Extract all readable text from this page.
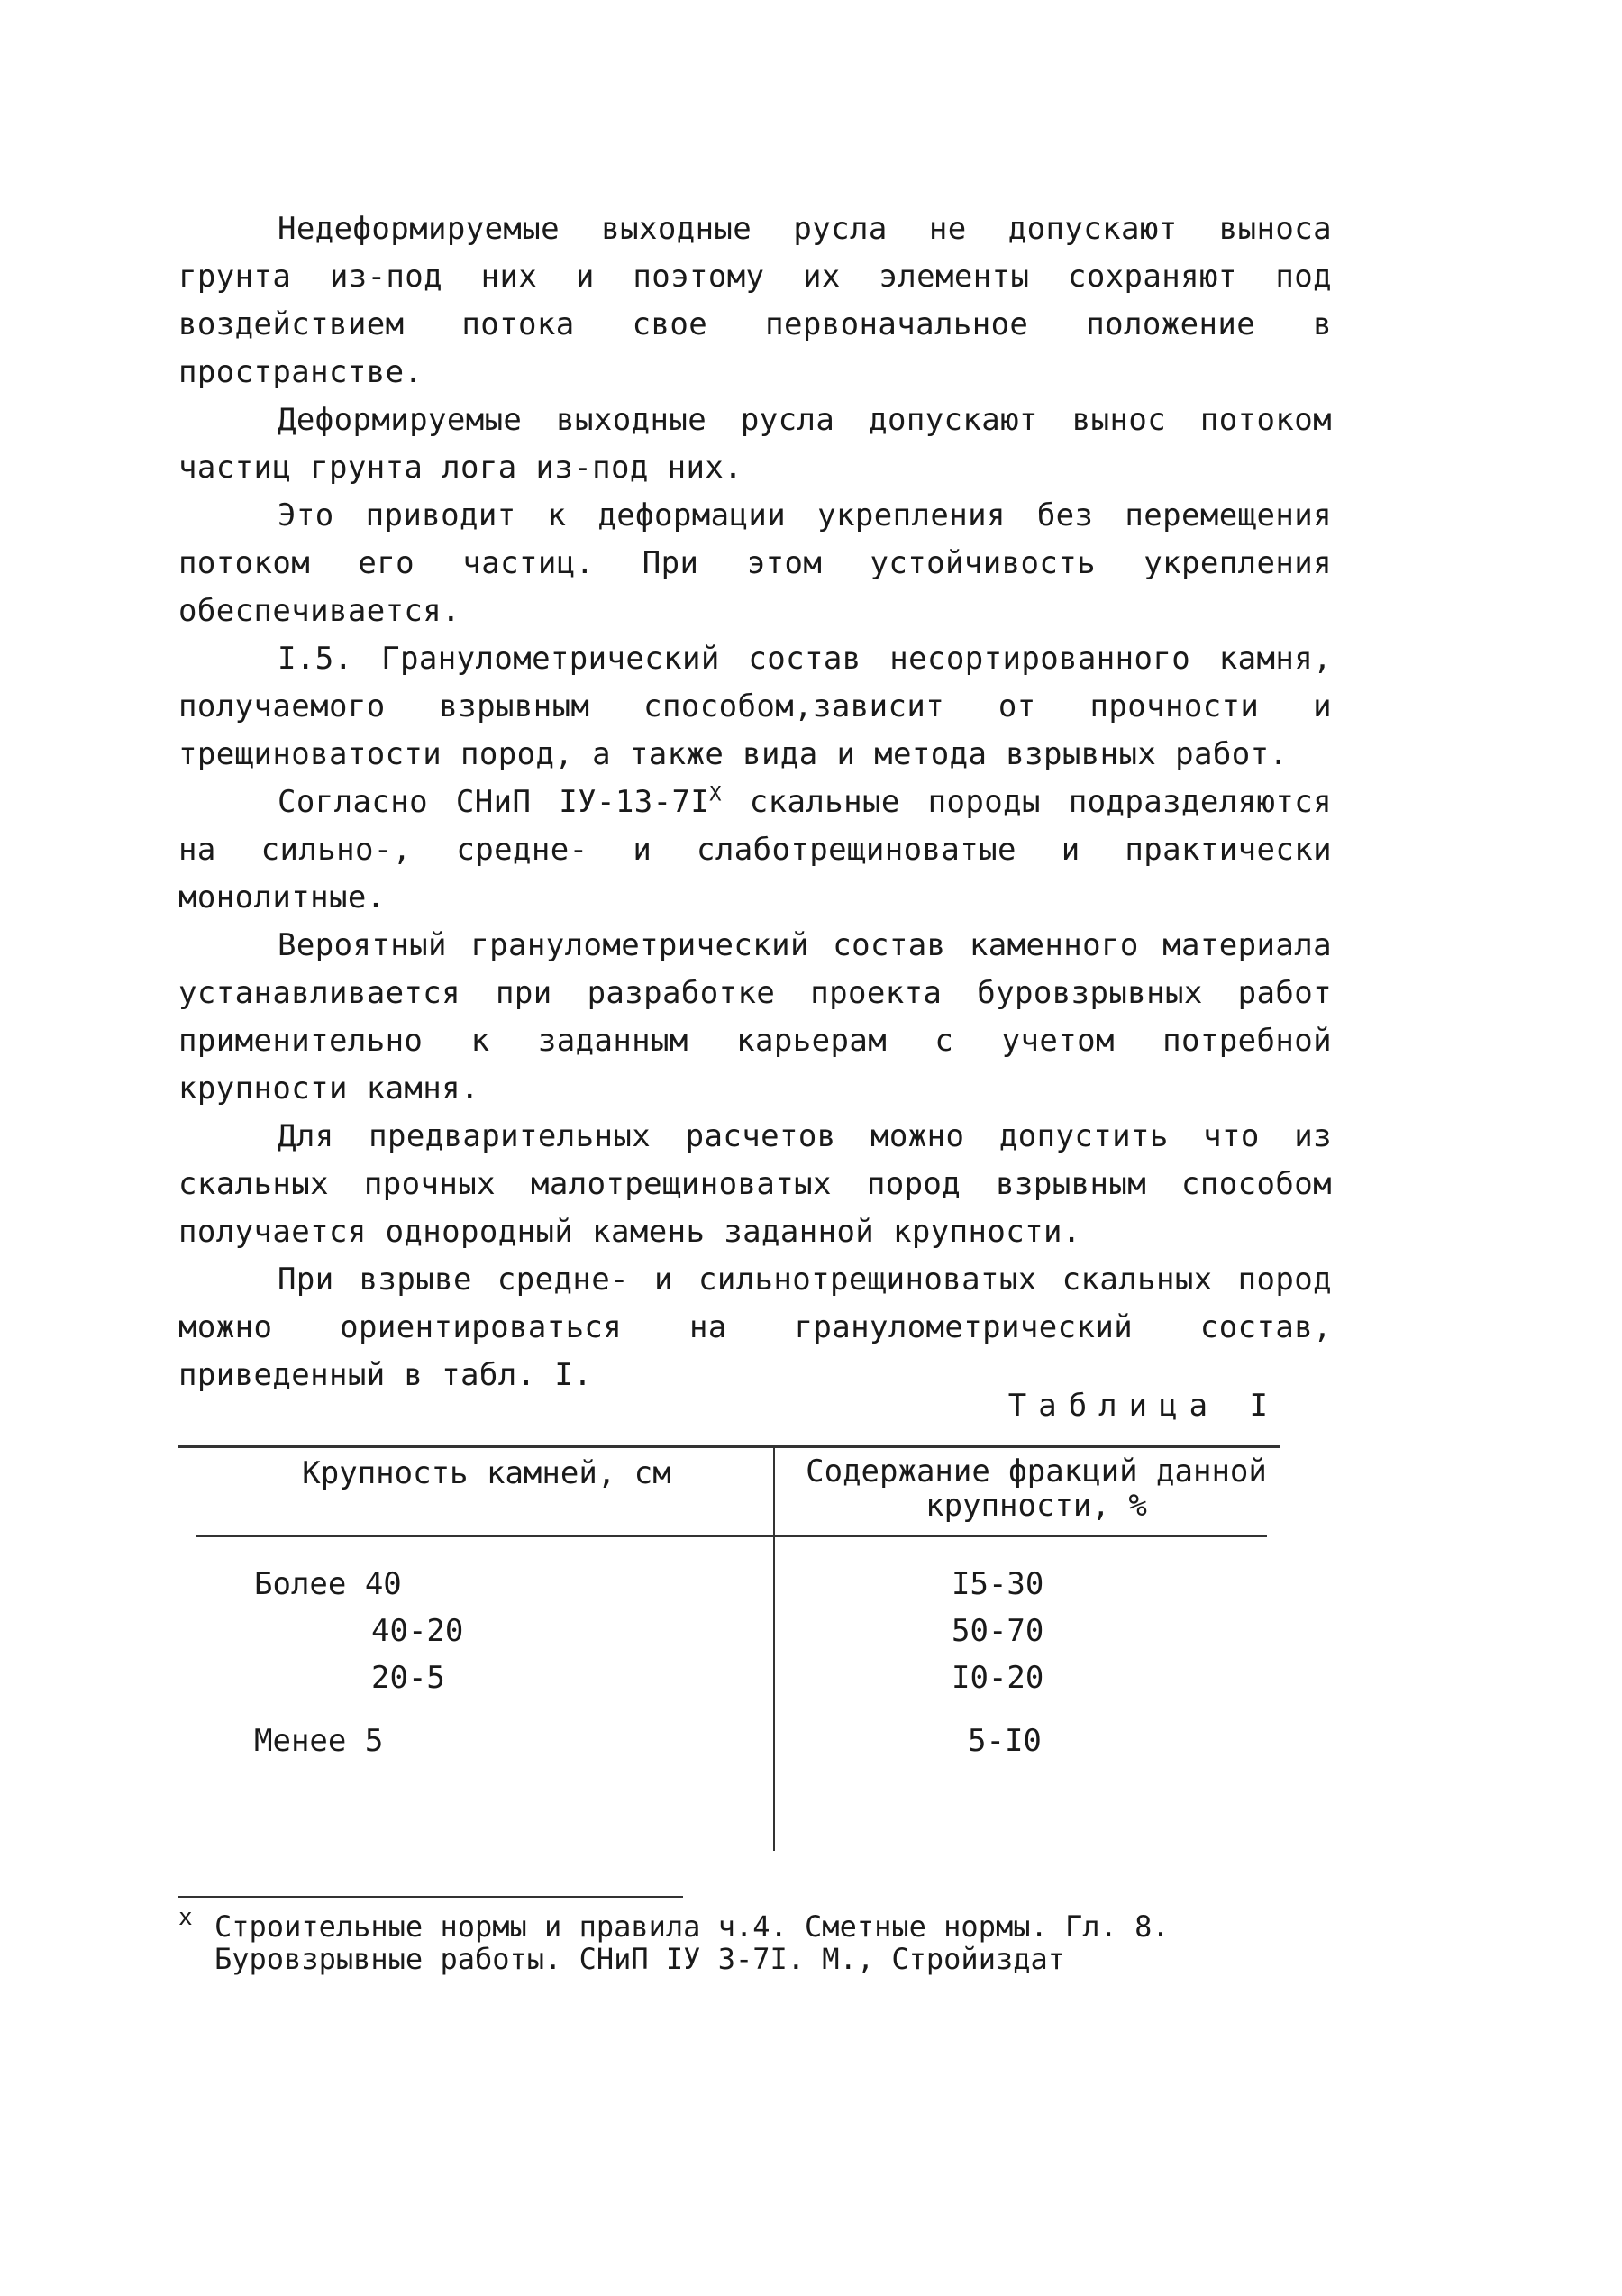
Недеформируемые выходные русла не допускают выноса грунта из-под них и поэтому их элементы сохраняют под воздействием потока свое первоначальное положение в пространстве.

Деформируемые выходные русла допускают вынос потоком частиц грунта лога из-под них.

Это приводит к деформации укрепления без перемещения потоком его частиц. При этом устойчивость укрепления обеспечивается.

I.5. Гранулометрический состав несортированного камня, получаемого взрывным способом,зависит от прочности и трещиноватости пород, а также вида и метода взрывных работ.

Согласно СНиП $IУ-13-7I^X$ скальные породы подразделяются на сильно-, средне- и слаботрещиноватые и практически монолитные.

Вероятный гранулометрический состав каменного материала устанавливается при разработке проекта буровзрывных работ применительно к заданным карьерам с учетом потребной крупности камня.

Для предварительных расчетов можно допустить что из скальных прочных малотрещиноватых пород взрывным способом получается однородный камень заданной крупности.

При взрыве средне- и сильнотрещиноватых скальных пород можно ориентироваться на гранулометрический состав, приведенный в табл. I.

Таблица I
Крупность камней, см	Содержание фракций данной крупности, %
Более 40	I5-30
40-20	50-70
20-5	I0-20
Менее 5	5-I0
x Строительные нормы и правила ч.4. Сметные нормы. Гл. 8.
Буровзрывные работы. СНиП IУ 3-7I. М., Стройиздат
